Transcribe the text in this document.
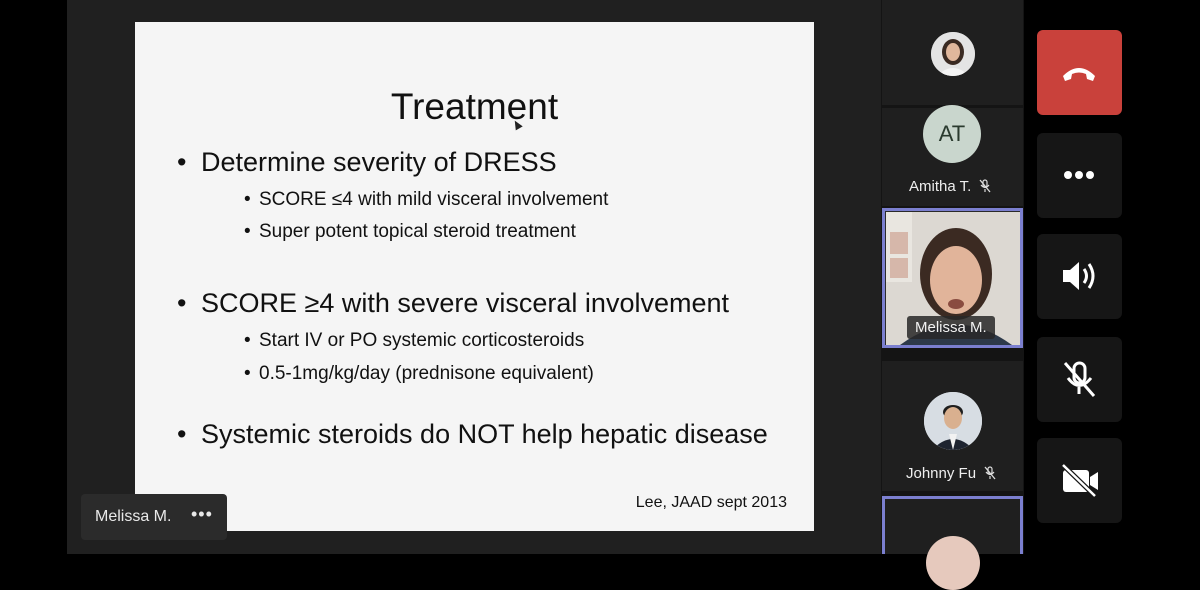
Treatment
• Determine severity of DRESS
• SCORE ≤4 with mild visceral involvement
• Super potent topical steroid treatment
• SCORE ≥4 with severe visceral involvement
• Start IV or PO systemic corticosteroids
• 0.5-1mg/kg/day (prednisone equivalent)
• Systemic steroids do NOT help hepatic disease
Lee, JAAD sept 2013
Melissa M. •••
AT
Amitha T.
Melissa M.
Johnny Fu
